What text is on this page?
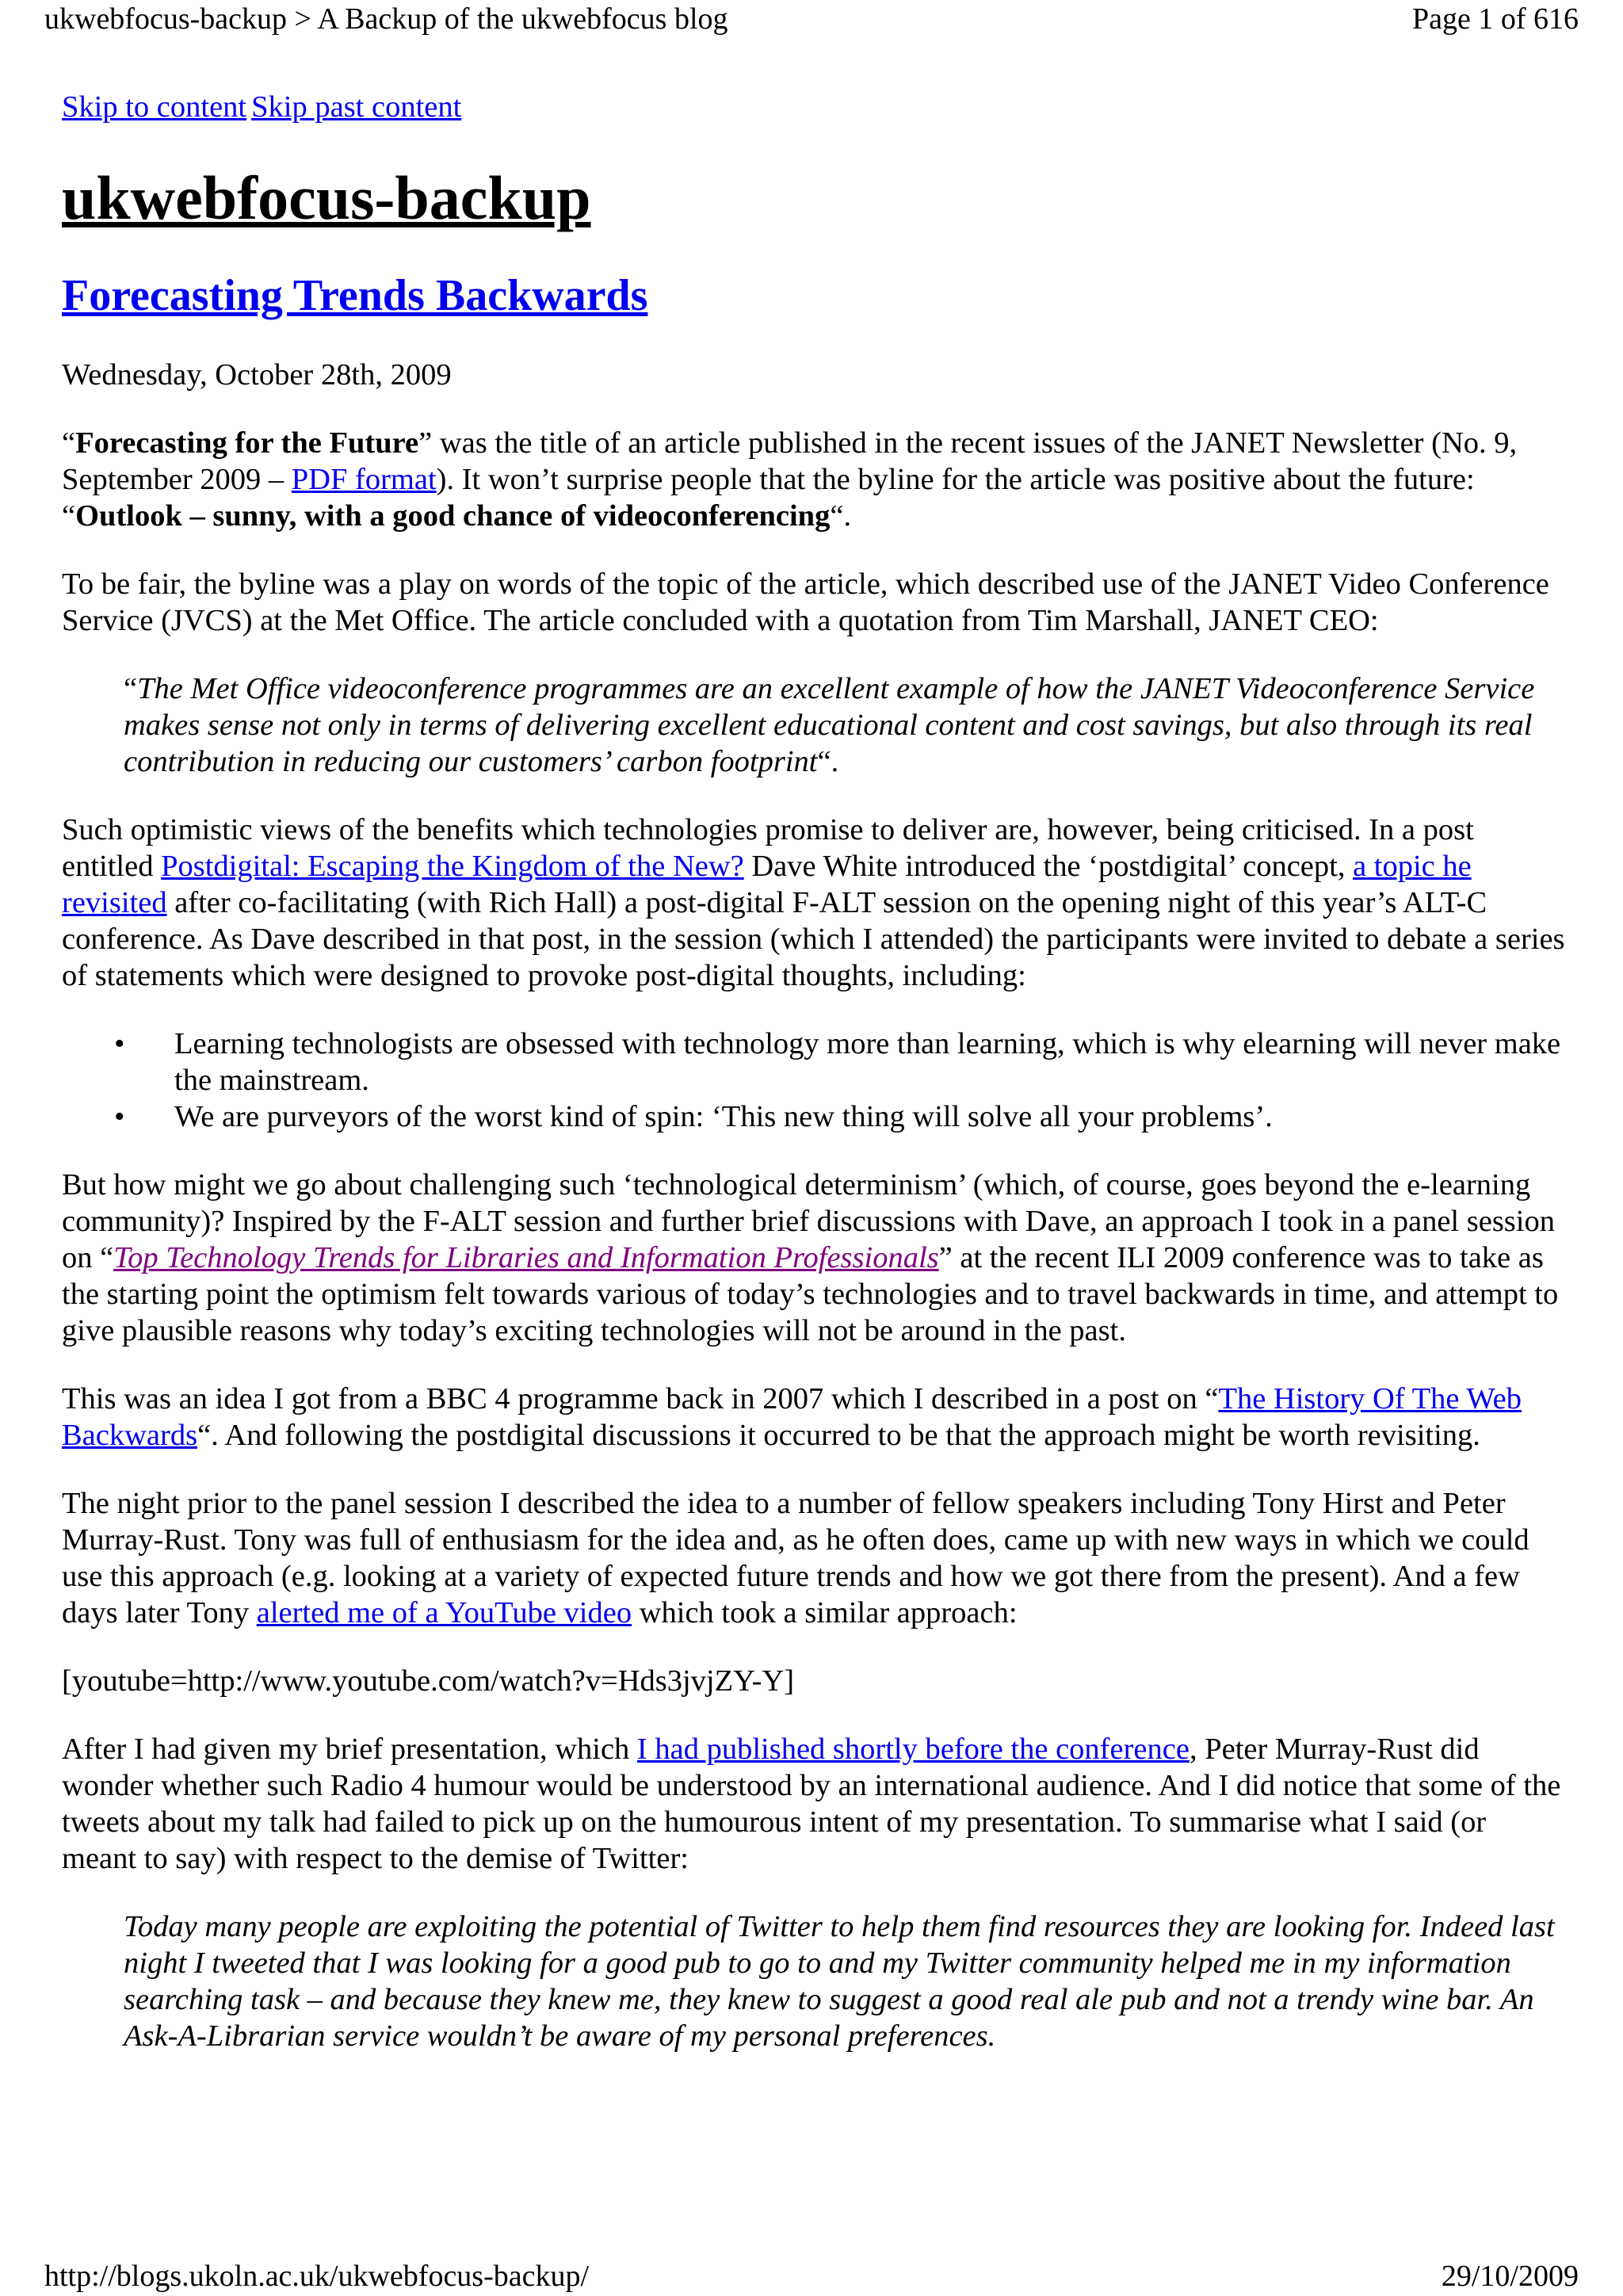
ukwebfocus-backup > A Backup of the ukwebfocus blog	Page 1 of 616
Skip to content Skip past content
ukwebfocus-backup
Forecasting Trends Backwards

Wednesday, October 28th, 2009

“Forecasting for the Future” was the title of an article published in the recent issues of the JANET Newsletter (No. 9, September 2009 – PDF format). It won’t surprise people that the byline for the article was positive about the future: “Outlook – sunny, with a good chance of videoconferencing“.

To be fair, the byline was a play on words of the topic of the article, which described use of the JANET Video Conference Service (JVCS) at the Met Office. The article concluded with a quotation from Tim Marshall, JANET CEO:

“The Met Office videoconference programmes are an excellent example of how the JANET Videoconference Service makes sense not only in terms of delivering excellent educational content and cost savings, but also through its real contribution in reducing our customers’ carbon footprint“.

Such optimistic views of the benefits which technologies promise to deliver are, however, being criticised. In a post entitled Postdigital: Escaping the Kingdom of the New? Dave White introduced the ‘postdigital’ concept, a topic he revisited after co-facilitating (with Rich Hall) a post-digital F-ALT session on the opening night of this year’s ALT-C conference. As Dave described in that post, in the session (which I attended) the participants were invited to debate a series of statements which were designed to provoke post-digital thoughts, including:

• Learning technologists are obsessed with technology more than learning, which is why elearning will never make the mainstream.
• We are purveyors of the worst kind of spin: ‘This new thing will solve all your problems’.

But how might we go about challenging such ‘technological determinism’ (which, of course, goes beyond the e-learning community)? Inspired by the F-ALT session and further brief discussions with Dave, an approach I took in a panel session on “Top Technology Trends for Libraries and Information Professionals” at the recent ILI 2009 conference was to take as the starting point the optimism felt towards various of today’s technologies and to travel backwards in time, and attempt to give plausible reasons why today’s exciting technologies will not be around in the past.

This was an idea I got from a BBC 4 programme back in 2007 which I described in a post on “The History Of The Web Backwards“. And following the postdigital discussions it occurred to be that the approach might be worth revisiting.

The night prior to the panel session I described the idea to a number of fellow speakers including Tony Hirst and Peter Murray-Rust. Tony was full of enthusiasm for the idea and, as he often does, came up with new ways in which we could use this approach (e.g. looking at a variety of expected future trends and how we got there from the present). And a few days later Tony alerted me of a YouTube video which took a similar approach:

[youtube=http://www.youtube.com/watch?v=Hds3jvjZY-Y]

After I had given my brief presentation, which I had published shortly before the conference, Peter Murray-Rust did wonder whether such Radio 4 humour would be understood by an international audience. And I did notice that some of the tweets about my talk had failed to pick up on the humourous intent of my presentation. To summarise what I said (or meant to say) with respect to the demise of Twitter:

Today many people are exploiting the potential of Twitter to help them find resources they are looking for. Indeed last night I tweeted that I was looking for a good pub to go to and my Twitter community helped me in my information searching task – and because they knew me, they knew to suggest a good real ale pub and not a trendy wine bar. An Ask-A-Librarian service wouldn’t be aware of my personal preferences.
http://blogs.ukoln.ac.uk/ukwebfocus-backup/	29/10/2009
